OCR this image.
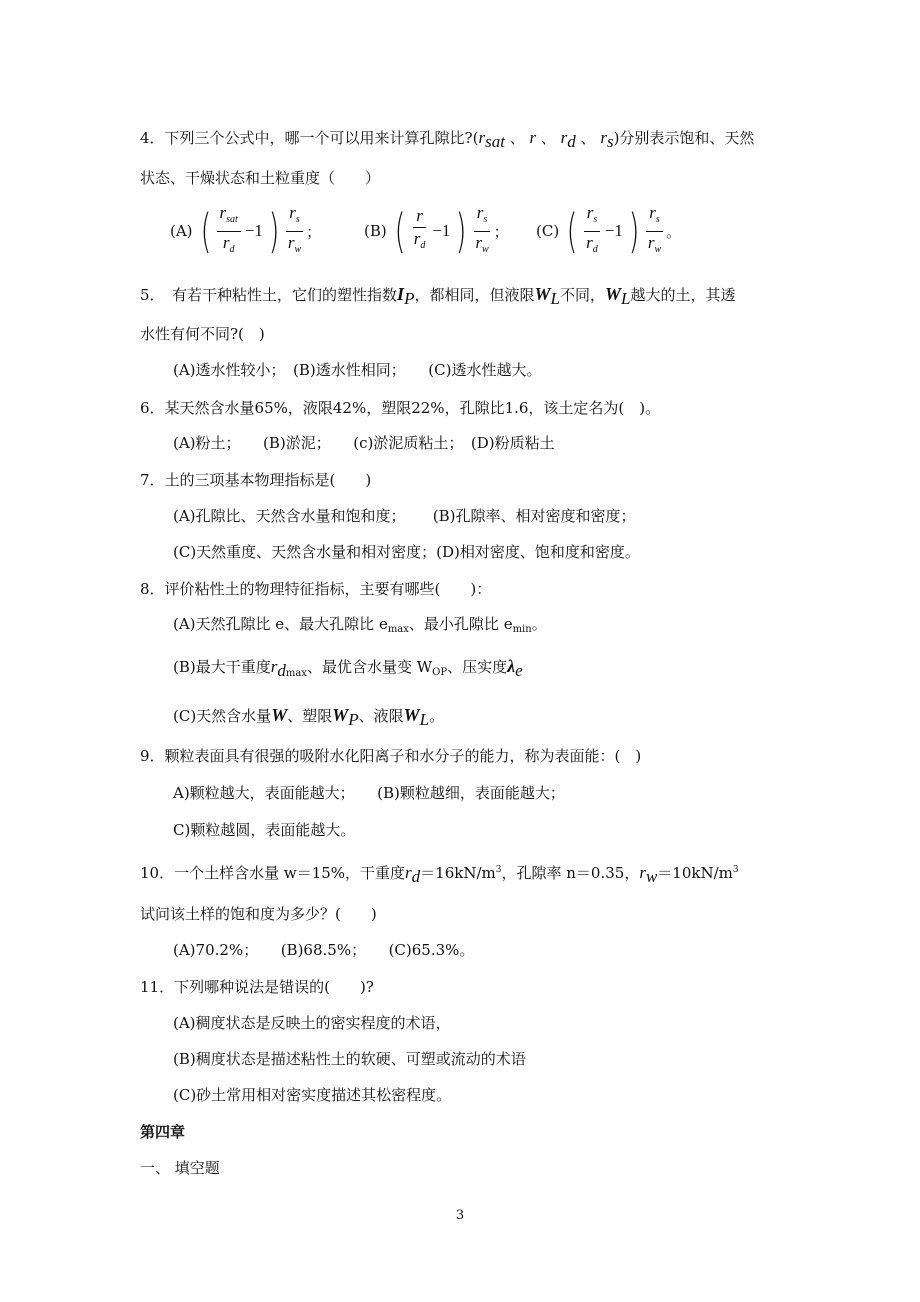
4．下列三个公式中，哪一个可以用来计算孔隙比$?(r_{sat}$ 、 r 、 $r_d$ 、 $r_s$)分别表示饱和、天然
状态、干燥状态和土粒重度（　　）
(A) ( $\frac{r_{sat}}{r_d} -1$ ) $\frac{r_s}{r_w}$ ；	(B) ( $\frac{r}{r_d} -1$ ) $\frac{r_s}{r_w}$ ； (C) ( $\frac{r_s}{r_d} -1$ ) $\frac{r_s}{r_w}$ 。
5．　有若干种粘性土，它们的塑性指数$I_P$，都相同，但液限$W_L$不同，$W_L$越大的土，其透
水性有何不同?(　)
(A)透水性较小；　(B)透水性相同；　　(C)透水性越大。
6．某天然含水量65%，液限42%，塑限22%，孔隙比1.6，该土定名为(　)。
(A)粉土；　　(B)淤泥；　　(c)淤泥质粘土；　(D)粉质粘土
7．土的三项基本物理指标是(　　)
(A)孔隙比、天然含水量和饱和度；　　 (B)孔隙率、相对密度和密度；
(C)天然重度、天然含水量和相对密度；(D)相对密度、饱和度和密度。
8．评价粘性土的物理特征指标，主要有哪些(　　)：
(A)天然孔隙比 e、最大孔隙比 $e_{max}$、最小孔隙比 $e_{min}$。
(B)最大干重度$r_{dmax}$、最优含水量变 $W_{OP}$、压实度$\lambda_e$
(C)天然含水量W、塑限$W_P$、液限$W_L$。
9．颗粒表面具有很强的吸附水化阳离子和水分子的能力，称为表面能：(　)
A)颗粒越大，表面能越大；　　(B)颗粒越细，表面能越大；
C)颗粒越圆，表面能越大。
10．一个土样含水量 w＝15%，干重度$r_d=16kN/m^3$，孔隙率 n＝0.35，$r_w=10kN/m^3$
试问该土样的饱和度为多少？(　　)
(A)70.2%；　　(B)68.5%；　　(C)65.3%。
11．下列哪种说法是错误的(　　)?
(A)稠度状态是反映土的密实程度的术语，
(B)稠度状态是描述粘性土的软硬、可塑或流动的术语
(C)砂土常用相对密实度描述其松密程度。
第四章
一、 填空题
3
